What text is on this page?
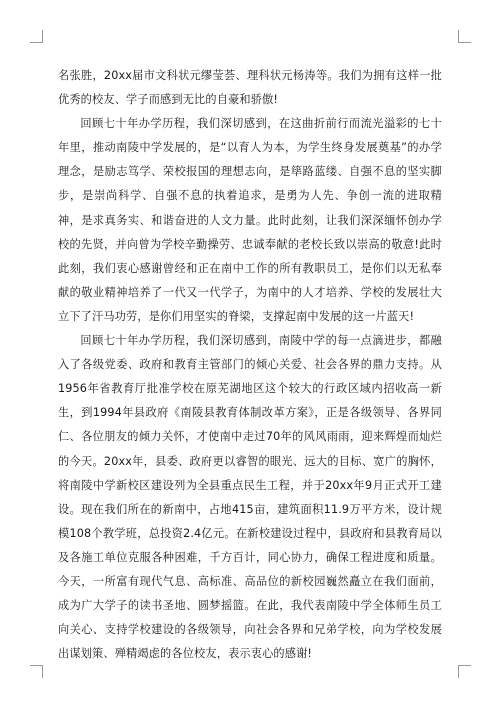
名张胜，20xx届市文科状元缪莹荟、理科状元杨涛等。我们为拥有这样一批优秀的校友、学子而感到无比的自豪和骄傲!

回顾七十年办学历程，我们深切感到，在这曲折前行而流光溢彩的七十年里，推动南陵中学发展的，是“以育人为本，为学生终身发展奠基”的办学理念，是励志笃学、荣校报国的理想志向，是筚路蓝缕、自强不息的坚实脚步，是崇尚科学、自强不息的执着追求，是勇为人先、争创一流的进取精神，是求真务实、和谐奋进的人文力量。此时此刻，让我们深深缅怀创办学校的先贤，并向曾为学校辛勤操劳、忠诚奉献的老校长致以崇高的敬意!此时此刻，我们衷心感谢曾经和正在南中工作的所有教职员工，是你们以无私奉献的敬业精神培养了一代又一代学子，为南中的人才培养、学校的发展壮大立下了汗马功劳，是你们用坚实的脊梁，支撑起南中发展的这一片蓝天!

回顾七十年办学历程，我们深切感到，南陵中学的每一点滴进步，都融入了各级党委、政府和教育主管部门的倾心关爱、社会各界的鼎力支持。从1956年省教育厅批准学校在原芜湖地区这个较大的行政区域内招收高一新生，到1994年县政府《南陵县教育体制改革方案》，正是各级领导、各界同仁、各位朋友的倾力关怀，才使南中走过70年的风风雨雨，迎来辉煌而灿烂的今天。20xx年，县委、政府更以睿智的眼光、远大的目标、宽广的胸怀，将南陵中学新校区建设列为全县重点民生工程，并于20xx年9月正式开工建设。现在我们所在的新南中，占地415亩，建筑面积11.9万平方米，设计规模108个教学班，总投资2.4亿元。在新校建设过程中，县政府和县教育局以及各施工单位克服各种困难，千方百计，同心协力，确保工程进度和质量。今天，一所富有现代气息、高标准、高品位的新校园巍然矗立在我们面前，成为广大学子的读书圣地、圆梦摇篮。在此，我代表南陵中学全体师生员工向关心、支持学校建设的各级领导，向社会各界和兄弟学校，向为学校发展出谋划策、殚精竭虑的各位校友，表示衷心的感谢!
